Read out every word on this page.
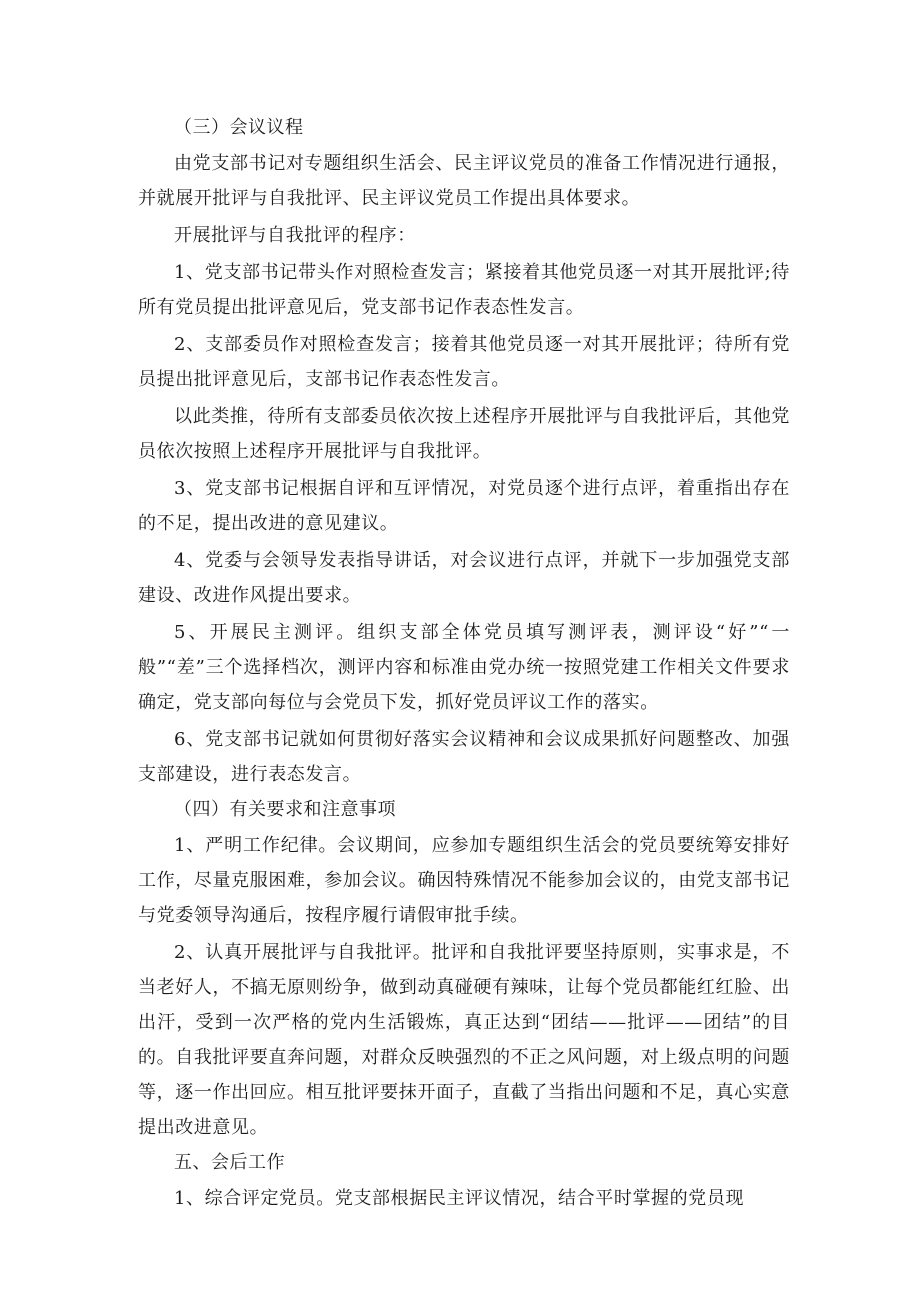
（三）会议议程
由党支部书记对专题组织生活会、民主评议党员的准备工作情况进行通报，并就展开批评与自我批评、民主评议党员工作提出具体要求。
开展批评与自我批评的程序：
1、党支部书记带头作对照检查发言；紧接着其他党员逐一对其开展批评;待所有党员提出批评意见后，党支部书记作表态性发言。
2、支部委员作对照检查发言；接着其他党员逐一对其开展批评；待所有党员提出批评意见后，支部书记作表态性发言。
以此类推，待所有支部委员依次按上述程序开展批评与自我批评后，其他党员依次按照上述程序开展批评与自我批评。
3、党支部书记根据自评和互评情况，对党员逐个进行点评，着重指出存在的不足，提出改进的意见建议。
4、党委与会领导发表指导讲话，对会议进行点评，并就下一步加强党支部建设、改进作风提出要求。
5、开展民主测评。组织支部全体党员填写测评表，测评设“好”“一般”“差”三个选择档次，测评内容和标准由党办统一按照党建工作相关文件要求确定，党支部向每位与会党员下发，抓好党员评议工作的落实。
6、党支部书记就如何贯彻好落实会议精神和会议成果抓好问题整改、加强支部建设，进行表态发言。
（四）有关要求和注意事项
1、严明工作纪律。会议期间，应参加专题组织生活会的党员要统筹安排好工作，尽量克服困难，参加会议。确因特殊情况不能参加会议的，由党支部书记与党委领导沟通后，按程序履行请假审批手续。
2、认真开展批评与自我批评。批评和自我批评要坚持原则，实事求是，不当老好人，不搞无原则纷争，做到动真碰硬有辣味，让每个党员都能红红脸、出出汗，受到一次严格的党内生活锻炼，真正达到“团结——批评——团结”的目的。自我批评要直奔问题，对群众反映强烈的不正之风问题，对上级点明的问题等，逐一作出回应。相互批评要抹开面子，直截了当指出问题和不足，真心实意提出改进意见。
五、会后工作
1、综合评定党员。党支部根据民主评议情况，结合平时掌握的党员现
